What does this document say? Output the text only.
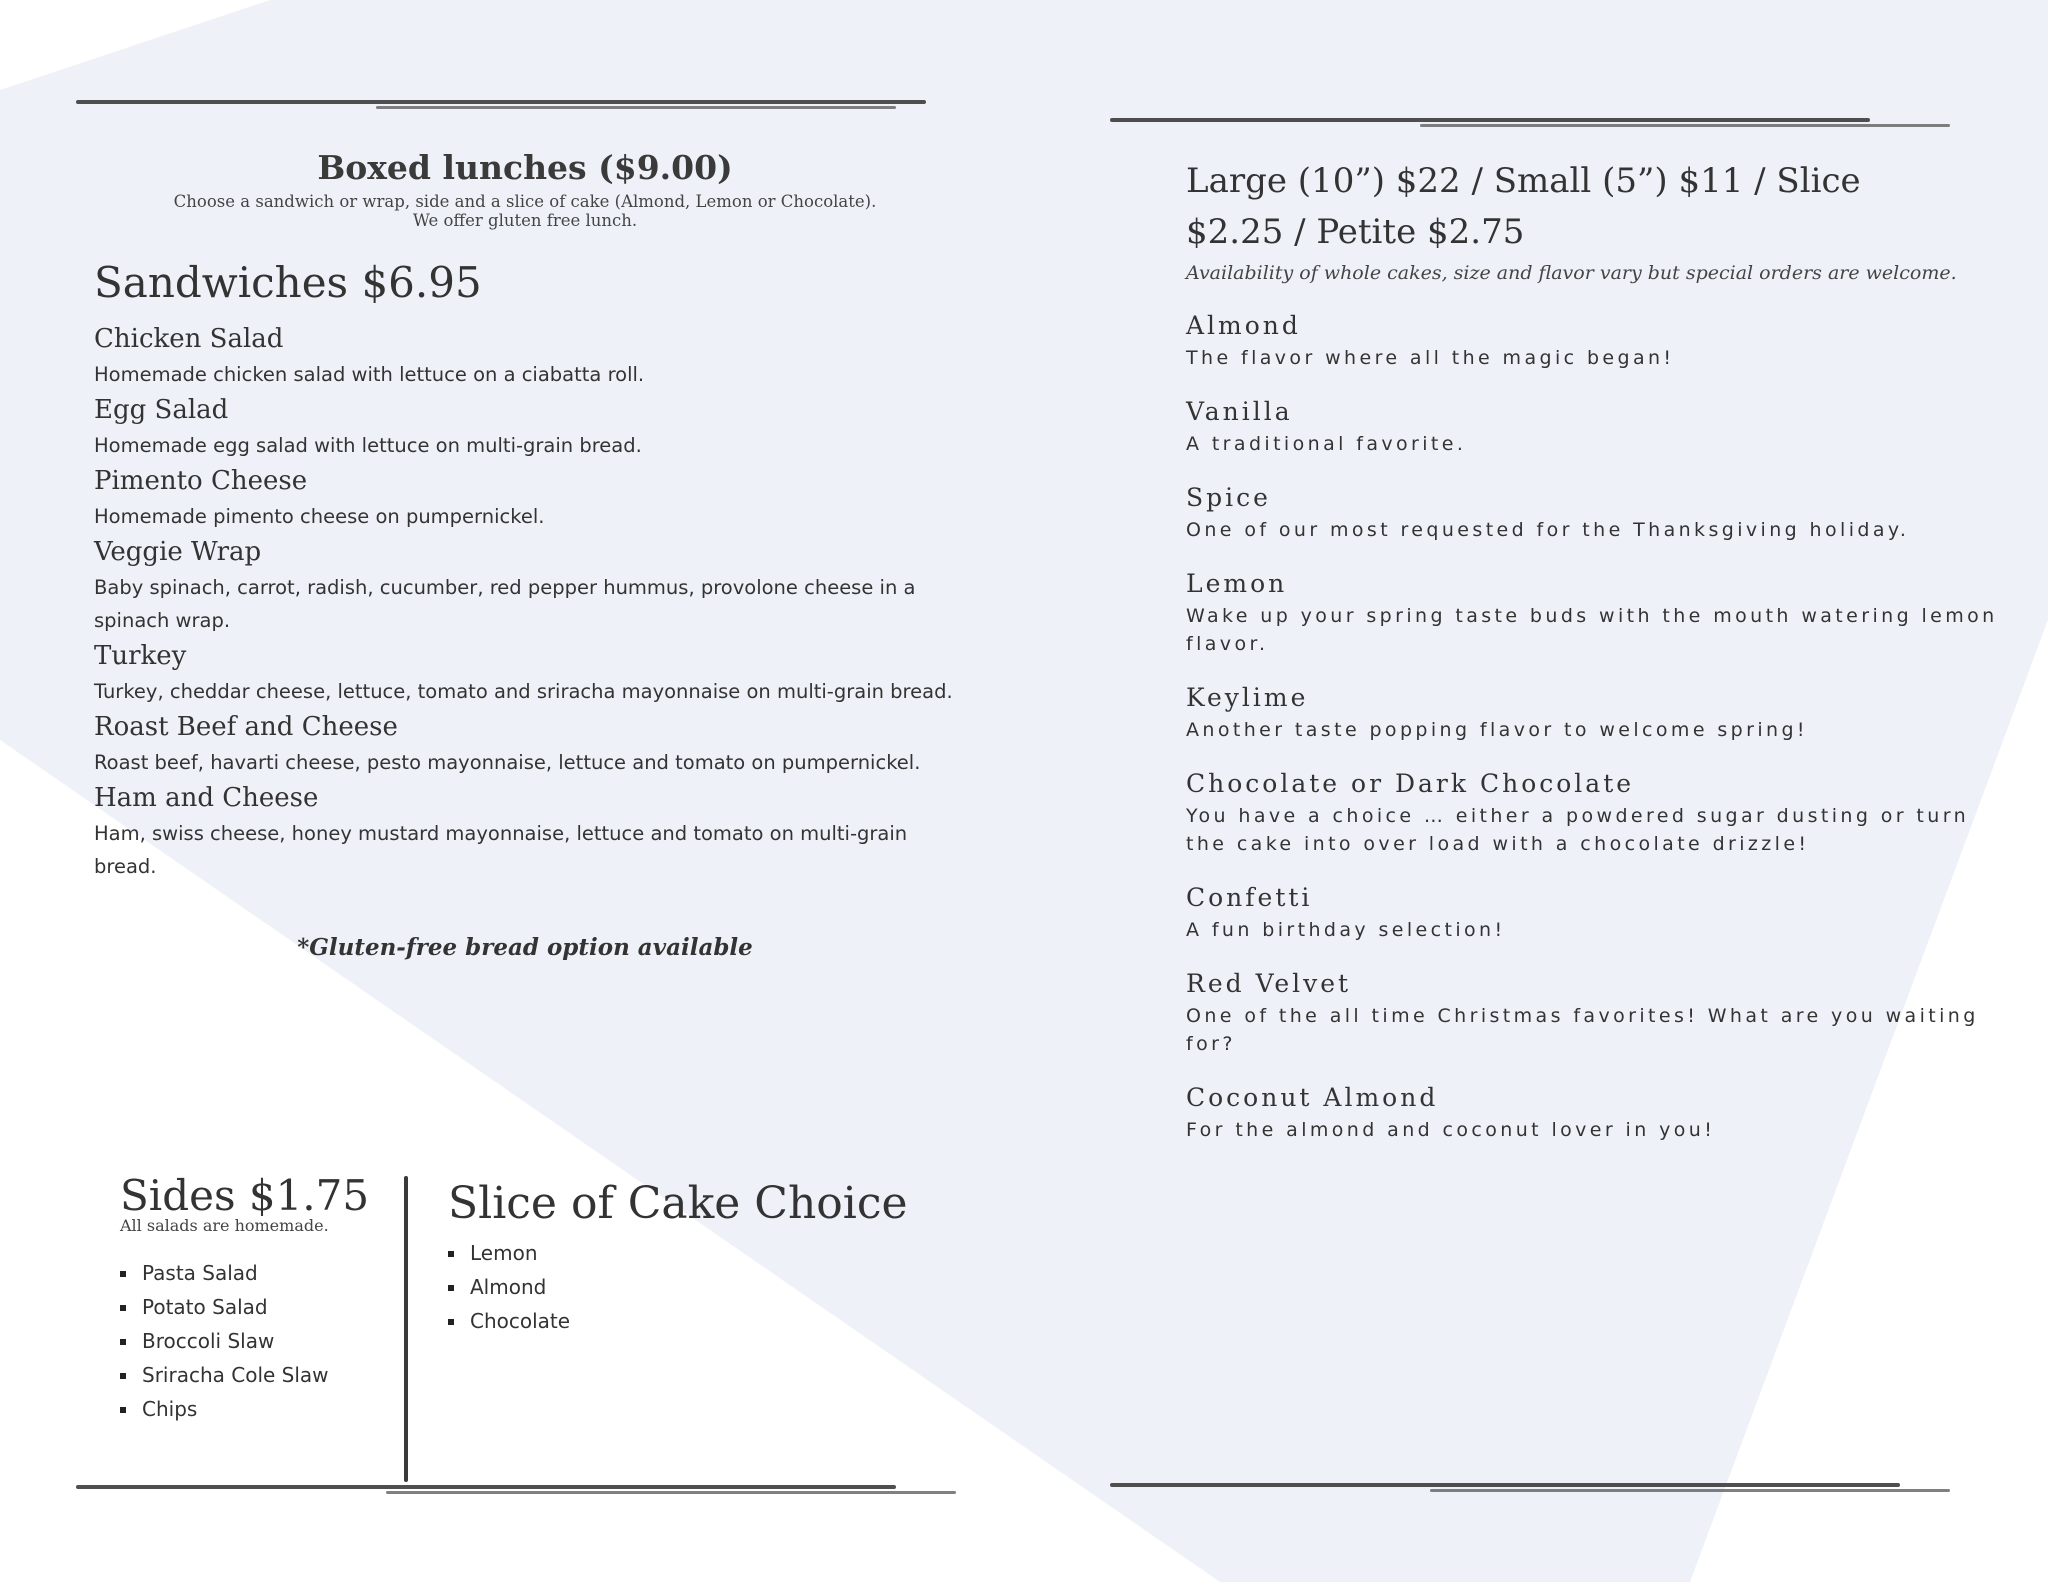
Boxed lunches ($9.00)
Choose a sandwich or wrap, side and a slice of cake (Almond, Lemon or Chocolate).
We offer gluten free lunch.
Sandwiches $6.95

Chicken Salad

Homemade chicken salad with lettuce on a ciabatta roll.

Egg Salad

Homemade egg salad with lettuce on multi-grain bread.

Pimento Cheese

Homemade pimento cheese on pumpernickel.

Veggie Wrap

Baby spinach, carrot, radish, cucumber, red pepper hummus, provolone cheese in a spinach wrap.

Turkey

Turkey, cheddar cheese, lettuce, tomato and sriracha mayonnaise on multi-grain bread.

Roast Beef and Cheese

Roast beef, havarti cheese, pesto mayonnaise, lettuce and tomato on pumpernickel.

Ham and Cheese

Ham, swiss cheese, honey mustard mayonnaise, lettuce and tomato on multi-grain bread.

*Gluten-free bread option available
Sides $1.75
All salads are homemade.
Pasta Salad
Potato Salad
Broccoli Slaw
Sriracha Cole Slaw
Chips
Slice of Cake Choice
Lemon
Almond
Chocolate
Large (10”) $22 / Small (5”) $11 / Slice $2.25 / Petite $2.75
Availability of whole cakes, size and flavor vary but special orders are welcome.

Almond

The flavor where all the magic began!

Vanilla

A traditional favorite.

Spice

One of our most requested for the Thanksgiving holiday.

Lemon

Wake up your spring taste buds with the mouth watering lemon flavor.

Keylime

Another taste popping flavor to welcome spring!

Chocolate or Dark Chocolate

You have a choice … either a powdered sugar dusting or turn the cake into over load with a chocolate drizzle!

Confetti

A fun birthday selection!

Red Velvet

One of the all time Christmas favorites! What are you waiting for?

Coconut Almond

For the almond and coconut lover in you!
